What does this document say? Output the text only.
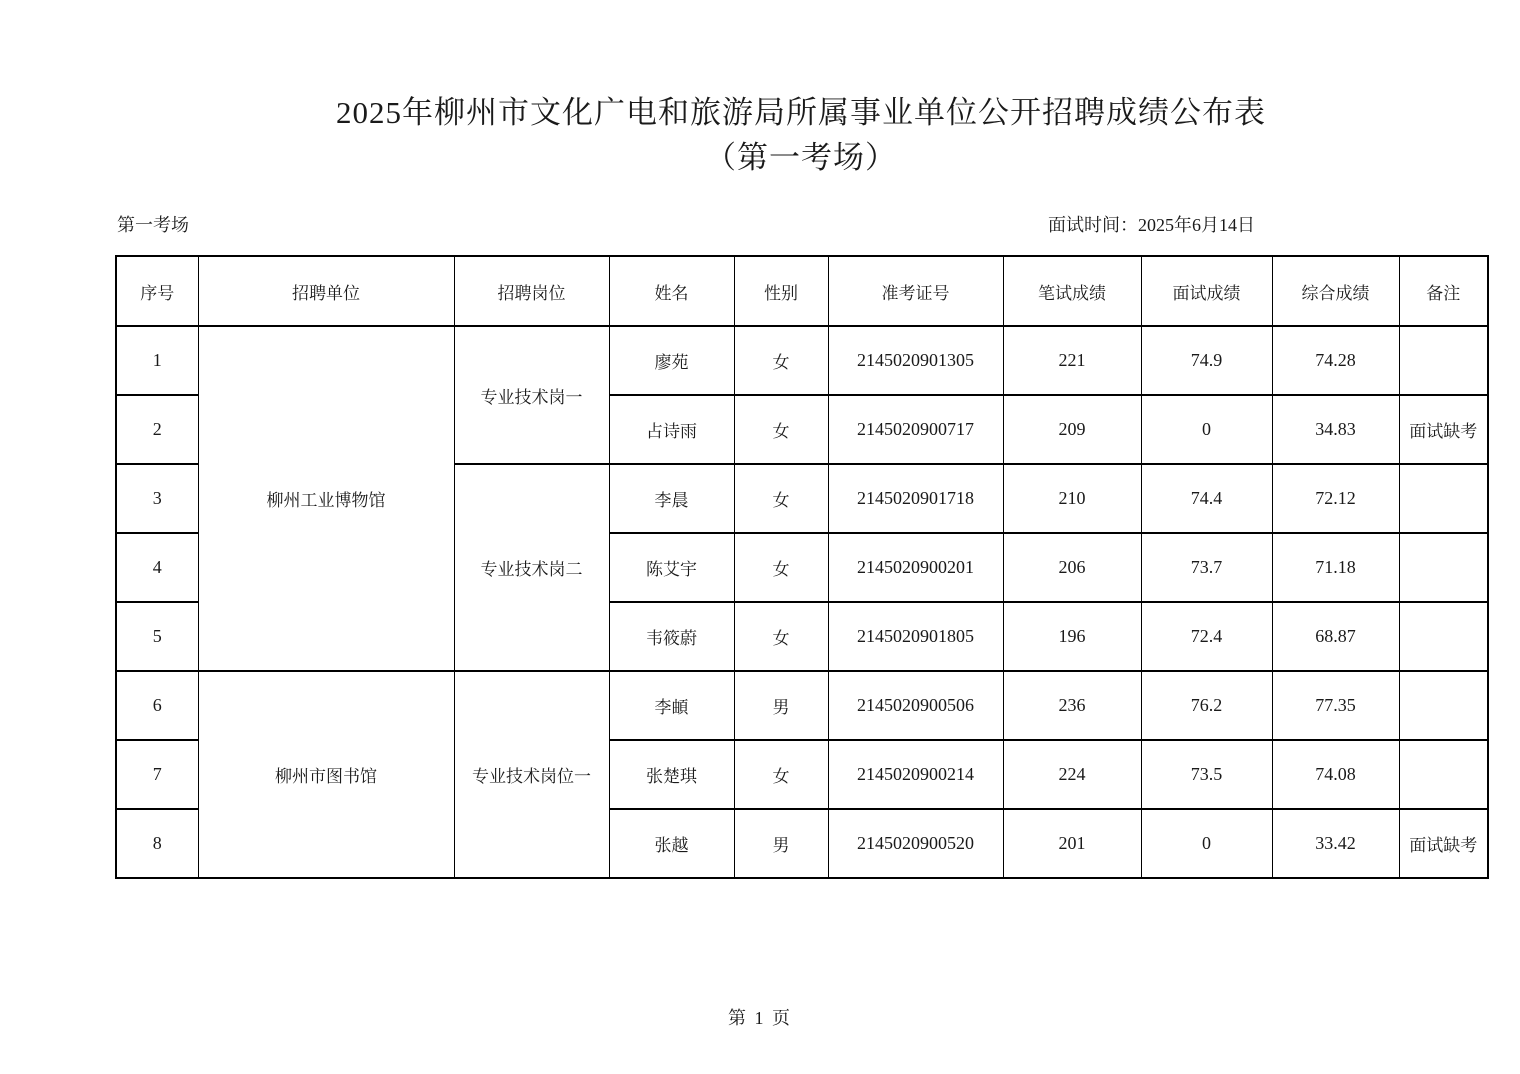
2025年柳州市文化广电和旅游局所属事业单位公开招聘成绩公布表
（第一考场）
第一考场	面试时间：2025年6月14日
序号	招聘单位	招聘岗位	姓名	性别	准考证号	笔试成绩	面试成绩	综合成绩	备注
1	柳州工业博物馆	专业技术岗一	廖苑	女	2145020901305	221	74.9	74.28	
2			占诗雨	女	2145020900717	209	0	34.83	面试缺考
3		专业技术岗二	李晨	女	2145020901718	210	74.4	72.12	
4			陈艾宇	女	2145020900201	206	73.7	71.18	
5			韦筱蔚	女	2145020901805	196	72.4	68.87	
6	柳州市图书馆	专业技术岗位一	李頔	男	2145020900506	236	76.2	77.35	
7			张楚琪	女	2145020900214	224	73.5	74.08	
8			张越	男	2145020900520	201	0	33.42	面试缺考
第 1 页
